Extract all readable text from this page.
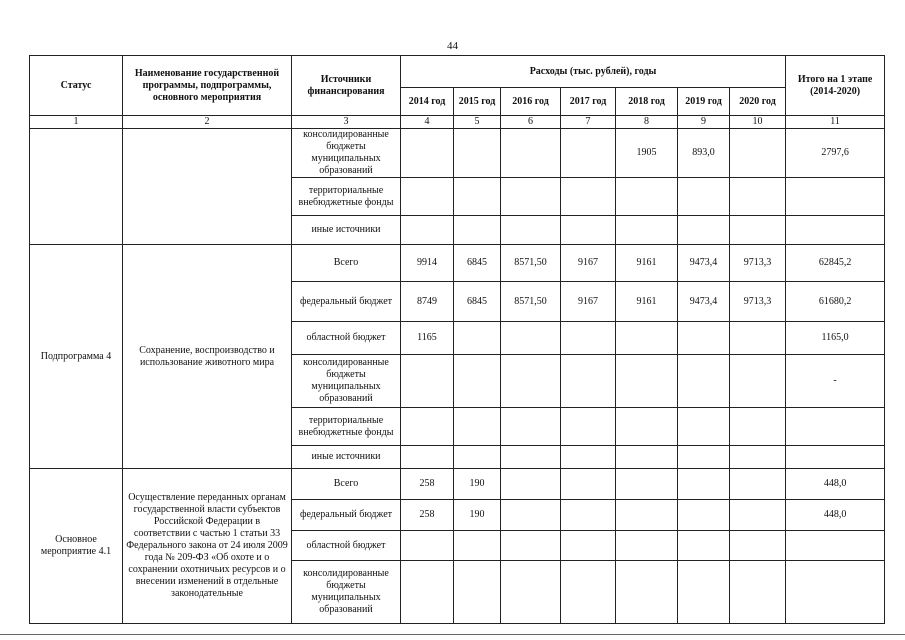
44
Статус	Наименование государственной программы, подпрограммы, основного мероприятия	Источники финансирования	Расходы (тыс. рублей), годы							Итого на 1 этапе (2014-2020)
			2014 год	2015 год	2016 год	2017 год	2018 год	2019 год	2020 год	
1	2	3	4	5	6	7	8	9	10	11
		консолидированные бюджеты муниципальных образований					1905	893,0		2797,6
		территориальные внебюджетные фонды								
		иные источники								
Подпрограмма 4	Сохранение, воспроизводство и использование животного мира	Всего	9914	6845	8571,50	9167	9161	9473,4	9713,3	62845,2
		федеральный бюджет	8749	6845	8571,50	9167	9161	9473,4	9713,3	61680,2
		областной бюджет	1165							1165,0
		консолидированные бюджеты муниципальных образований								-
		территориальные внебюджетные фонды								
		иные источники								
Основное мероприятие 4.1	Осуществление переданных органам государственной власти субъектов Российской Федерации в соответствии с частью 1 статьи 33 Федерального закона от 24 июля 2009 года № 209-ФЗ «Об охоте и о сохранении охотничьих ресурсов и о внесении изменений в отдельные законодательные	Всего	258	190						448,0
		федеральный бюджет	258	190						448,0
		областной бюджет								
		консолидированные бюджеты муниципальных образований								
